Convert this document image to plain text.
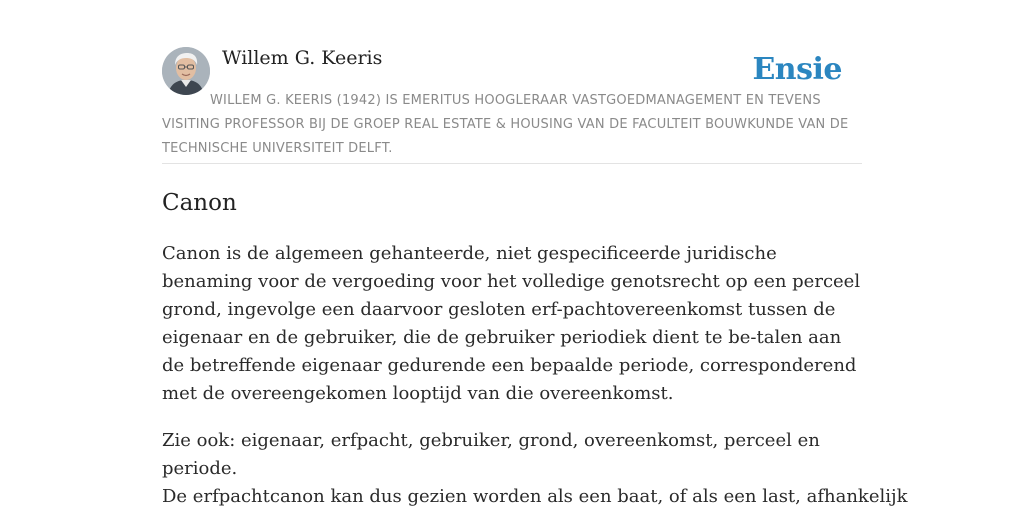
Willem G. Keeris	Ensie

WILLEM G. KEERIS (1942) IS EMERITUS HOOGLERAAR VASTGOEDMANAGEMENT EN TEVENS VISITING PROFESSOR BIJ DE GROEP REAL ESTATE & HOUSING VAN DE FACULTEIT BOUWKUNDE VAN DE TECHNISCHE UNIVERSITEIT DELFT.

Canon

Canon is de algemeen gehanteerde, niet gespecificeerde juridische benaming voor de vergoeding voor het volledige genotsrecht op een perceel grond, ingevolge een daarvoor gesloten erf-pachtovereenkomst tussen de eigenaar en de gebruiker, die de gebruiker periodiek dient te be-talen aan de betreffende eigenaar gedurende een bepaalde periode, corresponderend met de overeengekomen looptijd van die overeenkomst.

Zie ook: eigenaar, erfpacht, gebruiker, grond, overeenkomst, perceel en periode.

De erfpachtcanon kan dus gezien worden als een baat, of als een last, afhankelijk
